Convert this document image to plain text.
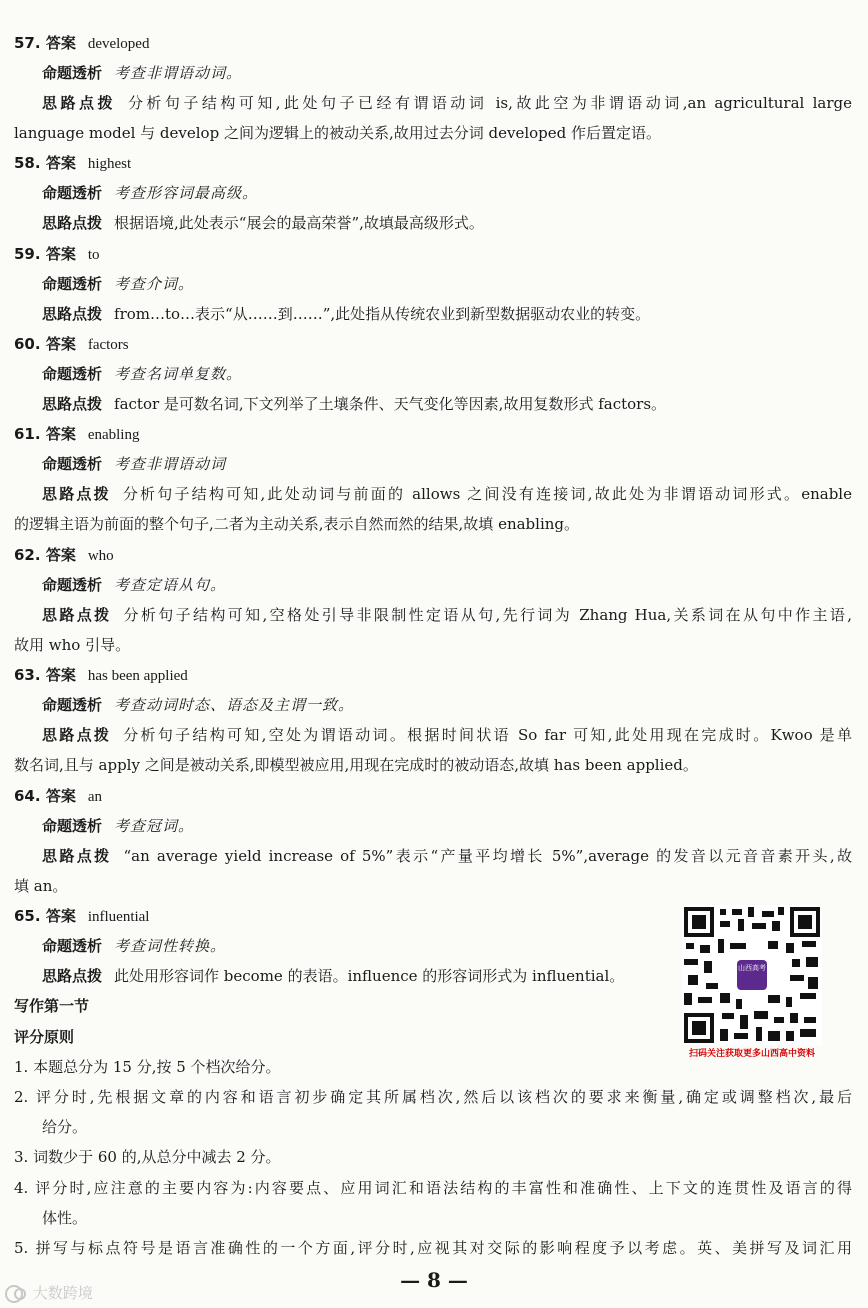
57. 答案 developed
命题透析 考查非谓语动词。
思路点拨 分析句子结构可知,此处句子已经有谓语动词 is,故此空为非谓语动词,an agricultural large
language model 与 develop 之间为逻辑上的被动关系,故用过去分词 developed 作后置定语。
58. 答案 highest
命题透析 考查形容词最高级。
思路点拨 根据语境,此处表示“展会的最高荣誉”,故填最高级形式。
59. 答案 to
命题透析 考查介词。
思路点拨 from…to…表示“从……到……”,此处指从传统农业到新型数据驱动农业的转变。
60. 答案 factors
命题透析 考查名词单复数。
思路点拨 factor 是可数名词,下文列举了土壤条件、天气变化等因素,故用复数形式 factors。
61. 答案 enabling
命题透析 考查非谓语动词
思路点拨 分析句子结构可知,此处动词与前面的 allows 之间没有连接词,故此处为非谓语动词形式。enable
的逻辑主语为前面的整个句子,二者为主动关系,表示自然而然的结果,故填 enabling。
62. 答案 who
命题透析 考查定语从句。
思路点拨 分析句子结构可知,空格处引导非限制性定语从句,先行词为 Zhang Hua,关系词在从句中作主语,
故用 who 引导。
63. 答案 has been applied
命题透析 考查动词时态、语态及主谓一致。
思路点拨 分析句子结构可知,空处为谓语动词。根据时间状语 So far 可知,此处用现在完成时。Kwoo 是单
数名词,且与 apply 之间是被动关系,即模型被应用,用现在完成时的被动语态,故填 has been applied。
64. 答案 an
命题透析 考查冠词。
思路点拨 “an average yield increase of 5%”表示“产量平均增长 5%”,average 的发音以元音音素开头,故
填 an。
65. 答案 influential
命题透析 考查词性转换。
思路点拨 此处用形容词作 become 的表语。influence 的形容词形式为 influential。
写作第一节
评分原则
1. 本题总分为 15 分,按 5 个档次给分。
2. 评分时,先根据文章的内容和语言初步确定其所属档次,然后以该档次的要求来衡量,确定或调整档次,最后
给分。
3. 词数少于 60 的,从总分中减去 2 分。
4. 评分时,应注意的主要内容为:内容要点、应用词汇和语法结构的丰富性和准确性、上下文的连贯性及语言的得
体性。
5. 拼写与标点符号是语言准确性的一个方面,评分时,应视其对交际的影响程度予以考虑。英、美拼写及词汇用
山西高考
扫码关注获取更多山西高中资料
— 8 —
大数跨境
